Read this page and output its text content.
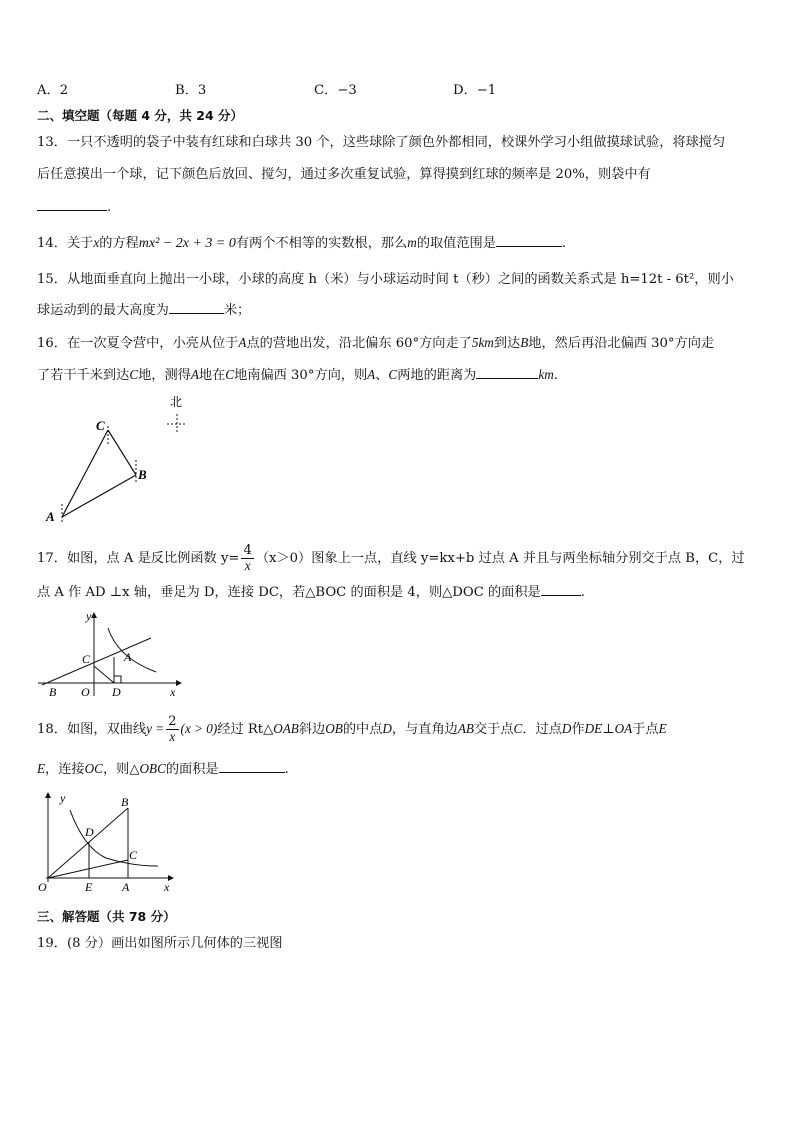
A．2	B．3	C．−3	D．−1
二、填空题（每题 4 分，共 24 分）
13．一只不透明的袋子中装有红球和白球共 30 个，这些球除了颜色外都相同，校课外学习小组做摸球试验，将球搅匀
后任意摸出一个球，记下颜色后放回、搅匀，通过多次重复试验，算得摸到红球的频率是 20%，则袋中有
.
14．关于x的方程mx² − 2x + 3 = 0有两个不相等的实数根，那么m的取值范围是	.
15．从地面垂直向上抛出一小球，小球的高度 h（米）与小球运动时间 t（秒）之间的函数关系式是 h=12t - 6t²，则小
球运动到的最大高度为	米；
16．在一次夏令营中，小亮从位于A点的营地出发，沿北偏东 60°方向走了5km到达B地，然后再沿北偏西 30°方向走
了若干千米到达C地，测得A地在C地南偏西 30°方向，则A、C两地的距离为	km.
北
A
B
C
17．如图，点 A 是反比例函数 $y= \frac{4}{x} (x>0)$图象上一点，直线 y=kx+b 过点 A 并且与两坐标轴分别交于点 B，C，过
点 A 作 AD ⊥x 轴，垂足为 D，连接 DC，若△BOC 的面积是 4，则△DOC 的面积是	.
y
x
C	A
B O D
18．如图，双曲线$y = \frac{2}{x} (x > 0)$经过 Rt△OAB斜边OB的中点D，与直角边AB交于点C．过点D作DE⊥OA于点E
E，连接OC，则△OBC的面积是	.
y
x
B
D
C
O	E A
三、解答题（共 78 分）
19．(8 分）画出如图所示几何体的三视图
